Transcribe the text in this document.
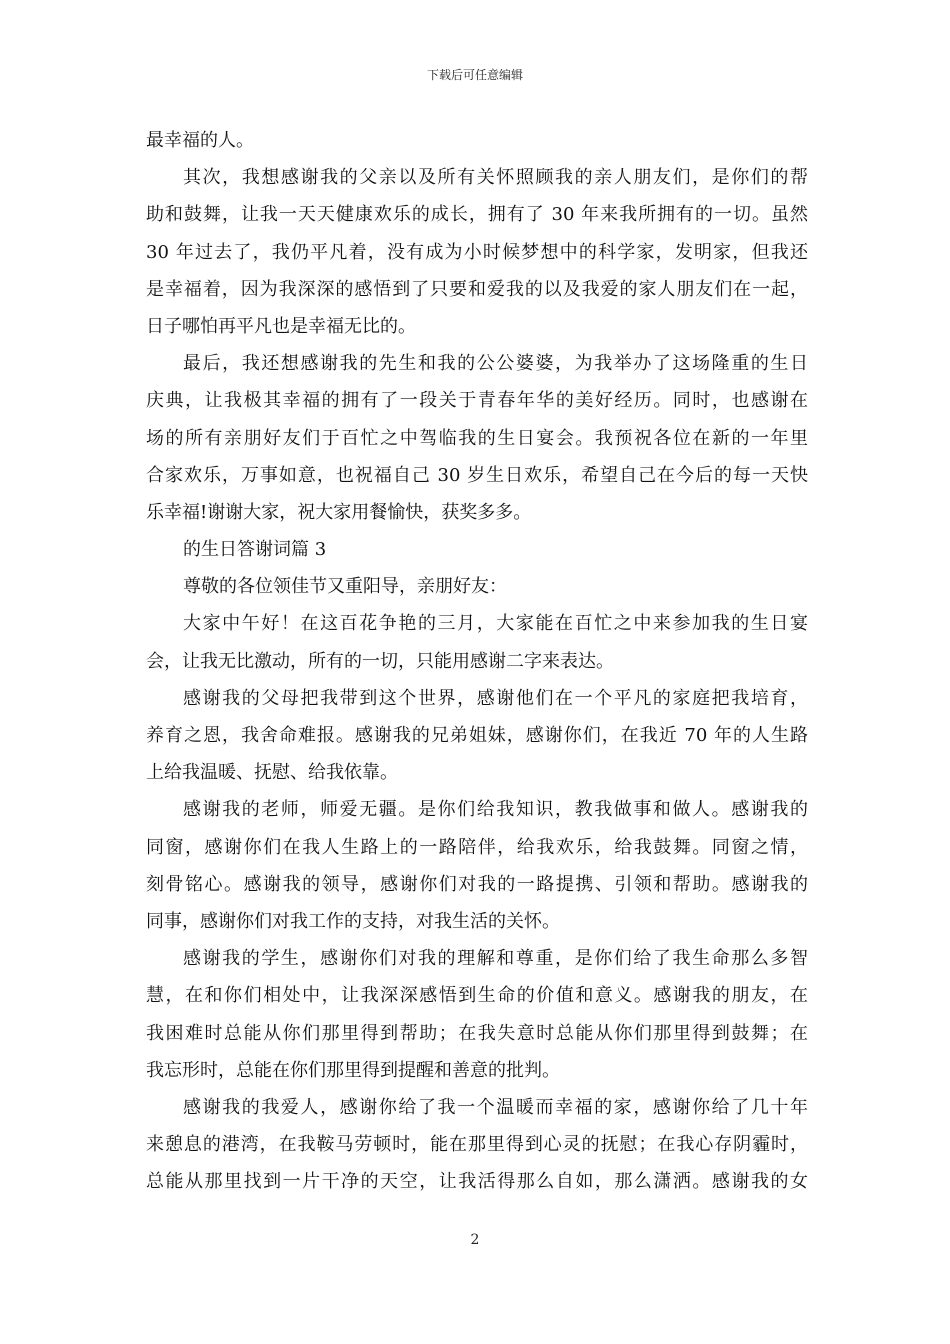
下载后可任意编辑
最幸福的人。
其次，我想感谢我的父亲以及所有关怀照顾我的亲人朋友们，是你们的帮
助和鼓舞，让我一天天健康欢乐的成长，拥有了 30 年来我所拥有的一切。虽然
30 年过去了，我仍平凡着，没有成为小时候梦想中的科学家，发明家，但我还
是幸福着，因为我深深的感悟到了只要和爱我的以及我爱的家人朋友们在一起，
日子哪怕再平凡也是幸福无比的。
最后，我还想感谢我的先生和我的公公婆婆，为我举办了这场隆重的生日
庆典，让我极其幸福的拥有了一段关于青春年华的美好经历。同时，也感谢在
场的所有亲朋好友们于百忙之中驾临我的生日宴会。我预祝各位在新的一年里
合家欢乐，万事如意，也祝福自己 30 岁生日欢乐，希望自己在今后的每一天快
乐幸福!谢谢大家，祝大家用餐愉快，获奖多多。
的生日答谢词篇 3
尊敬的各位领佳节又重阳导，亲朋好友：
大家中午好！在这百花争艳的三月，大家能在百忙之中来参加我的生日宴
会，让我无比激动，所有的一切，只能用感谢二字来表达。
感谢我的父母把我带到这个世界，感谢他们在一个平凡的家庭把我培育，
养育之恩，我舍命难报。感谢我的兄弟姐妹，感谢你们，在我近 70 年的人生路
上给我温暖、抚慰、给我依靠。
感谢我的老师，师爱无疆。是你们给我知识，教我做事和做人。感谢我的
同窗，感谢你们在我人生路上的一路陪伴，给我欢乐，给我鼓舞。同窗之情，
刻骨铭心。感谢我的领导，感谢你们对我的一路提携、引领和帮助。感谢我的
同事，感谢你们对我工作的支持，对我生活的关怀。
感谢我的学生，感谢你们对我的理解和尊重，是你们给了我生命那么多智
慧，在和你们相处中，让我深深感悟到生命的价值和意义。感谢我的朋友，在
我困难时总能从你们那里得到帮助；在我失意时总能从你们那里得到鼓舞；在
我忘形时，总能在你们那里得到提醒和善意的批判。
感谢我的我爱人，感谢你给了我一个温暖而幸福的家，感谢你给了几十年
来憩息的港湾，在我鞍马劳顿时，能在那里得到心灵的抚慰；在我心存阴霾时，
总能从那里找到一片干净的天空，让我活得那么自如，那么潇洒。感谢我的女
2
